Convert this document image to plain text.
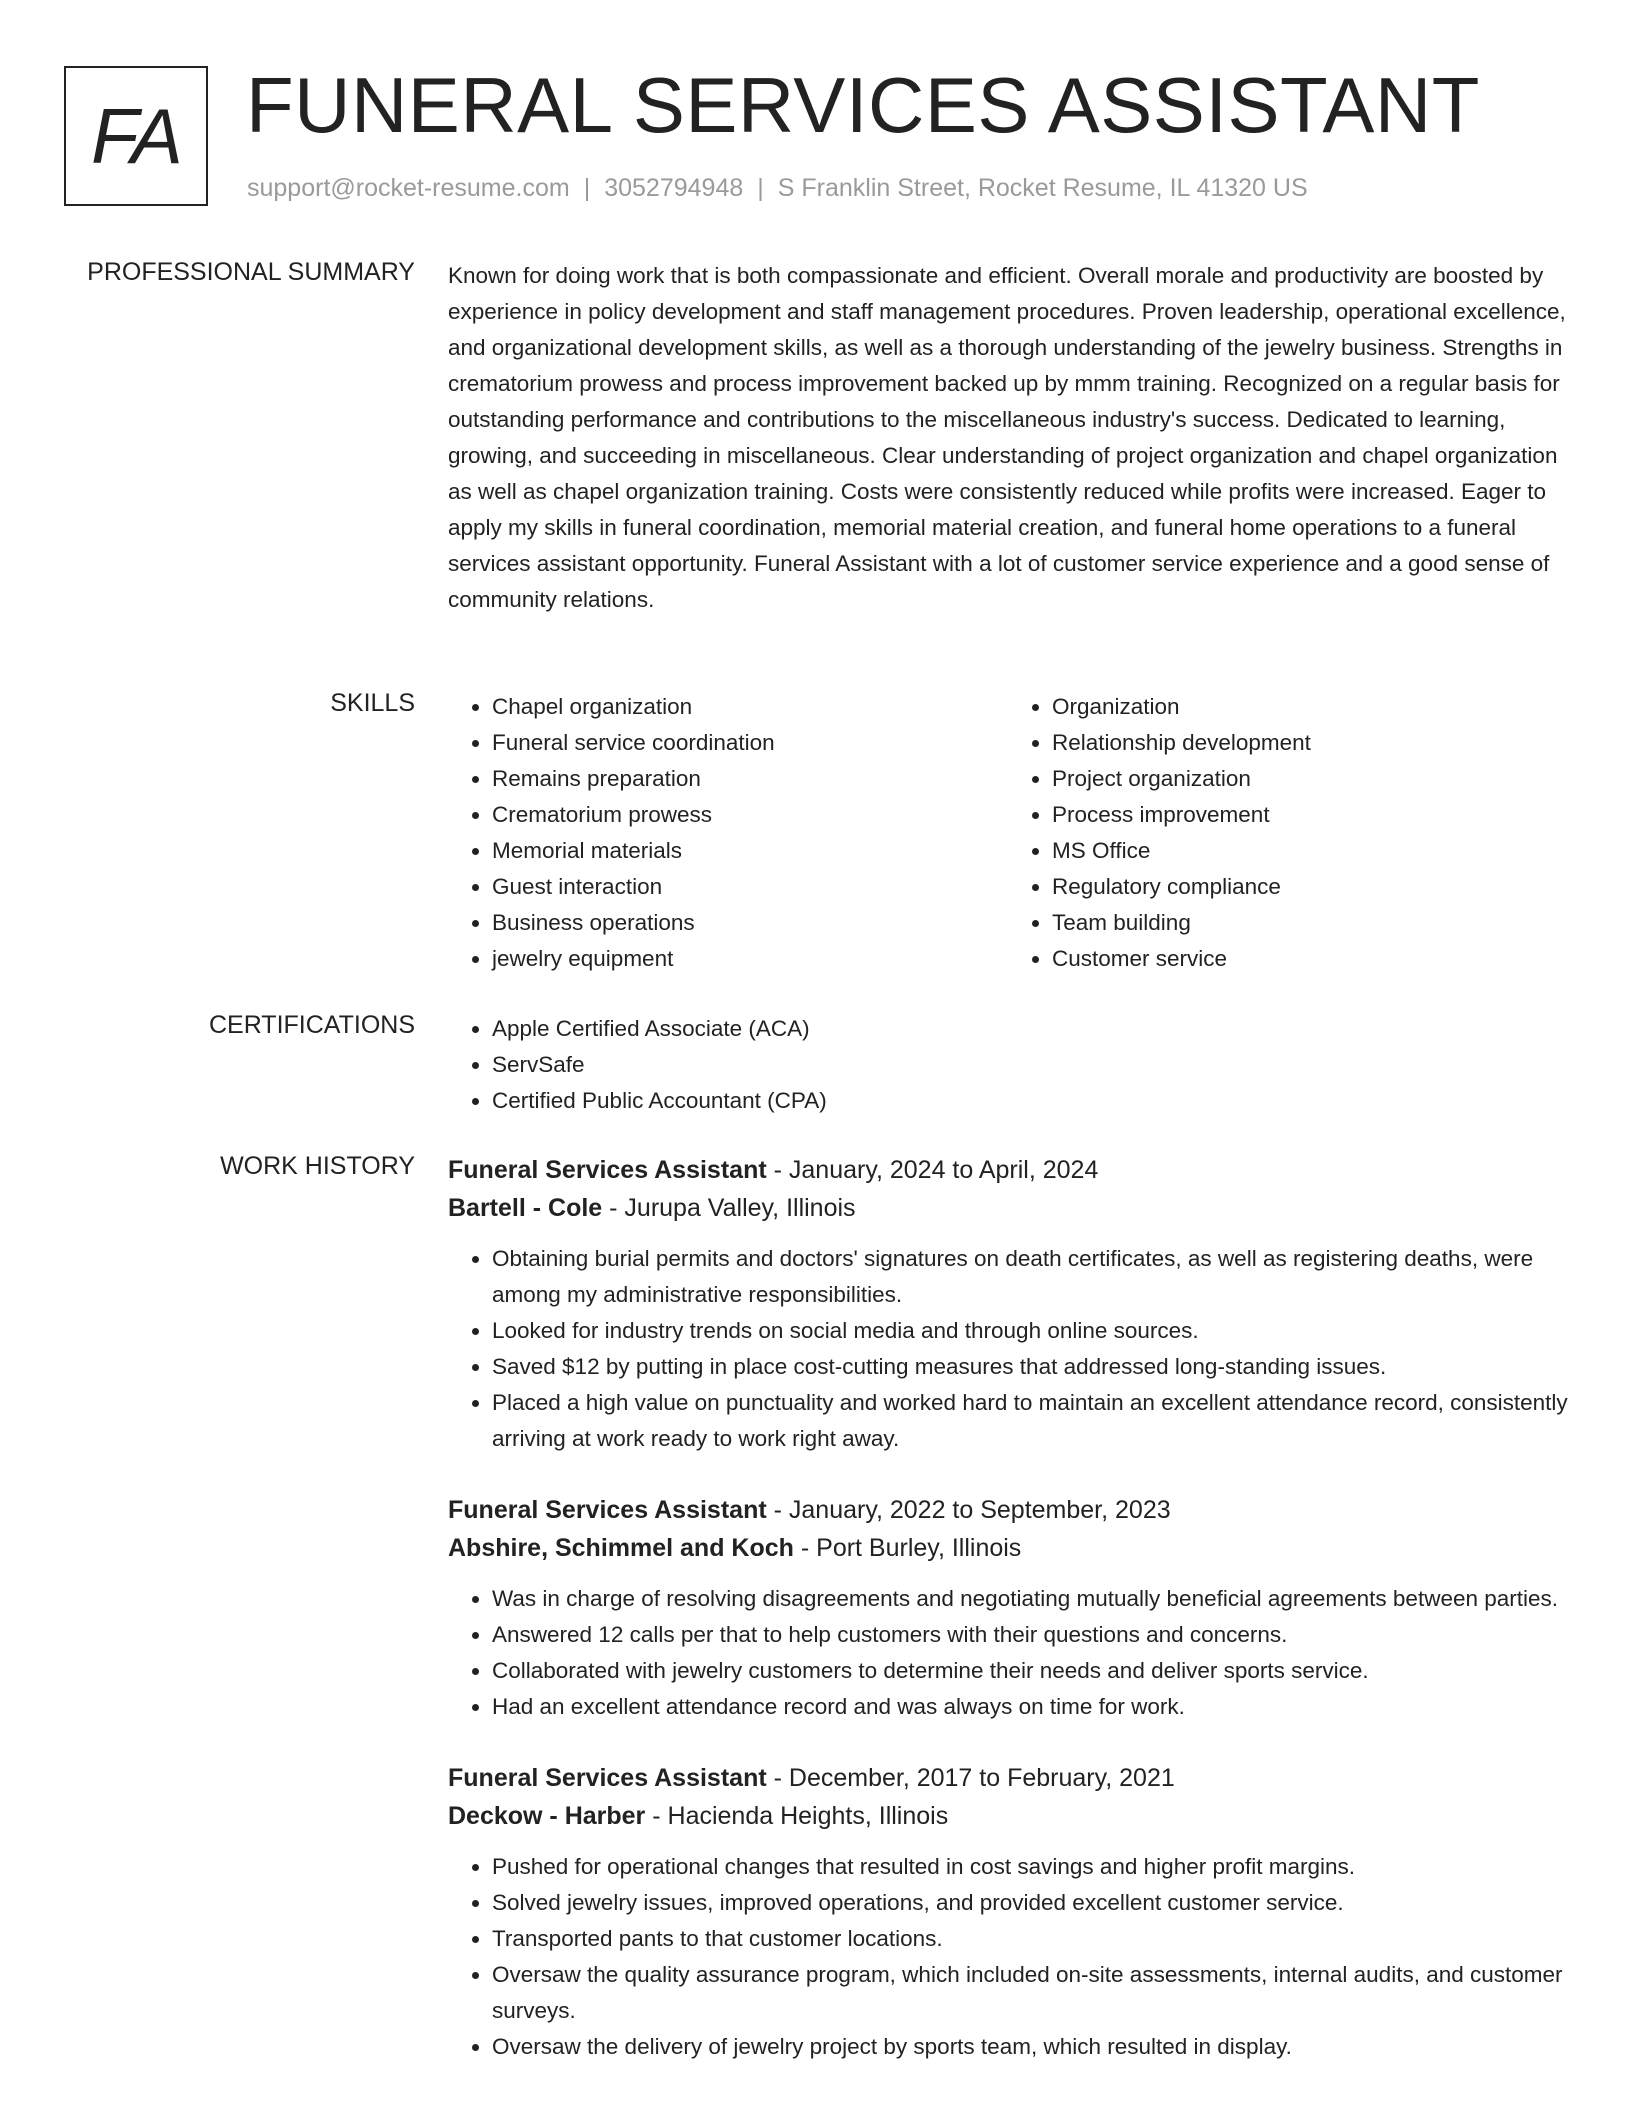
FA FUNERAL SERVICES ASSISTANT
support@rocket-resume.com | 3052794948 | S Franklin Street, Rocket Resume, IL 41320 US
PROFESSIONAL SUMMARY Known for doing work that is both compassionate and efficient. Overall morale and productivity are boosted by experience in policy development and staff management procedures. Proven leadership, operational excellence, and organizational development skills, as well as a thorough understanding of the jewelry business. Strengths in crematorium prowess and process improvement backed up by mmm training. Recognized on a regular basis for outstanding performance and contributions to the miscellaneous industry's success. Dedicated to learning, growing, and succeeding in miscellaneous. Clear understanding of project organization and chapel organization as well as chapel organization training. Costs were consistently reduced while profits were increased. Eager to apply my skills in funeral coordination, memorial material creation, and funeral home operations to a funeral services assistant opportunity. Funeral Assistant with a lot of customer service experience and a good sense of community relations.

SKILLS	• Chapel organization
• Funeral service coordination
• Remains preparation
• Crematorium prowess
• Memorial materials
• Guest interaction
• Business operations
• jewelry equipment
• Organization
• Relationship development
• Project organization
• Process improvement
• MS Office
• Regulatory compliance
• Team building
• Customer service
CERTIFICATIONS	• Apple Certified Associate (ACA)
• ServSafe
• Certified Public Accountant (CPA)
WORK HISTORY Funeral Services Assistant - January, 2024 to April, 2024
Bartell - Cole - Jurupa Valley, Illinois
• Obtaining burial permits and doctors' signatures on death certificates, as well as registering deaths, were among my administrative responsibilities.
• Looked for industry trends on social media and through online sources.
• Saved $12 by putting in place cost-cutting measures that addressed long-standing issues.
• Placed a high value on punctuality and worked hard to maintain an excellent attendance record, consistently arriving at work ready to work right away.
Funeral Services Assistant - January, 2022 to September, 2023
Abshire, Schimmel and Koch - Port Burley, Illinois
• Was in charge of resolving disagreements and negotiating mutually beneficial agreements between parties.
• Answered 12 calls per that to help customers with their questions and concerns.
• Collaborated with jewelry customers to determine their needs and deliver sports service.
• Had an excellent attendance record and was always on time for work.
Funeral Services Assistant - December, 2017 to February, 2021
Deckow - Harber - Hacienda Heights, Illinois
• Pushed for operational changes that resulted in cost savings and higher profit margins.
• Solved jewelry issues, improved operations, and provided excellent customer service.
• Transported pants to that customer locations.
• Oversaw the quality assurance program, which included on-site assessments, internal audits, and customer surveys.
• Oversaw the delivery of jewelry project by sports team, which resulted in display.
